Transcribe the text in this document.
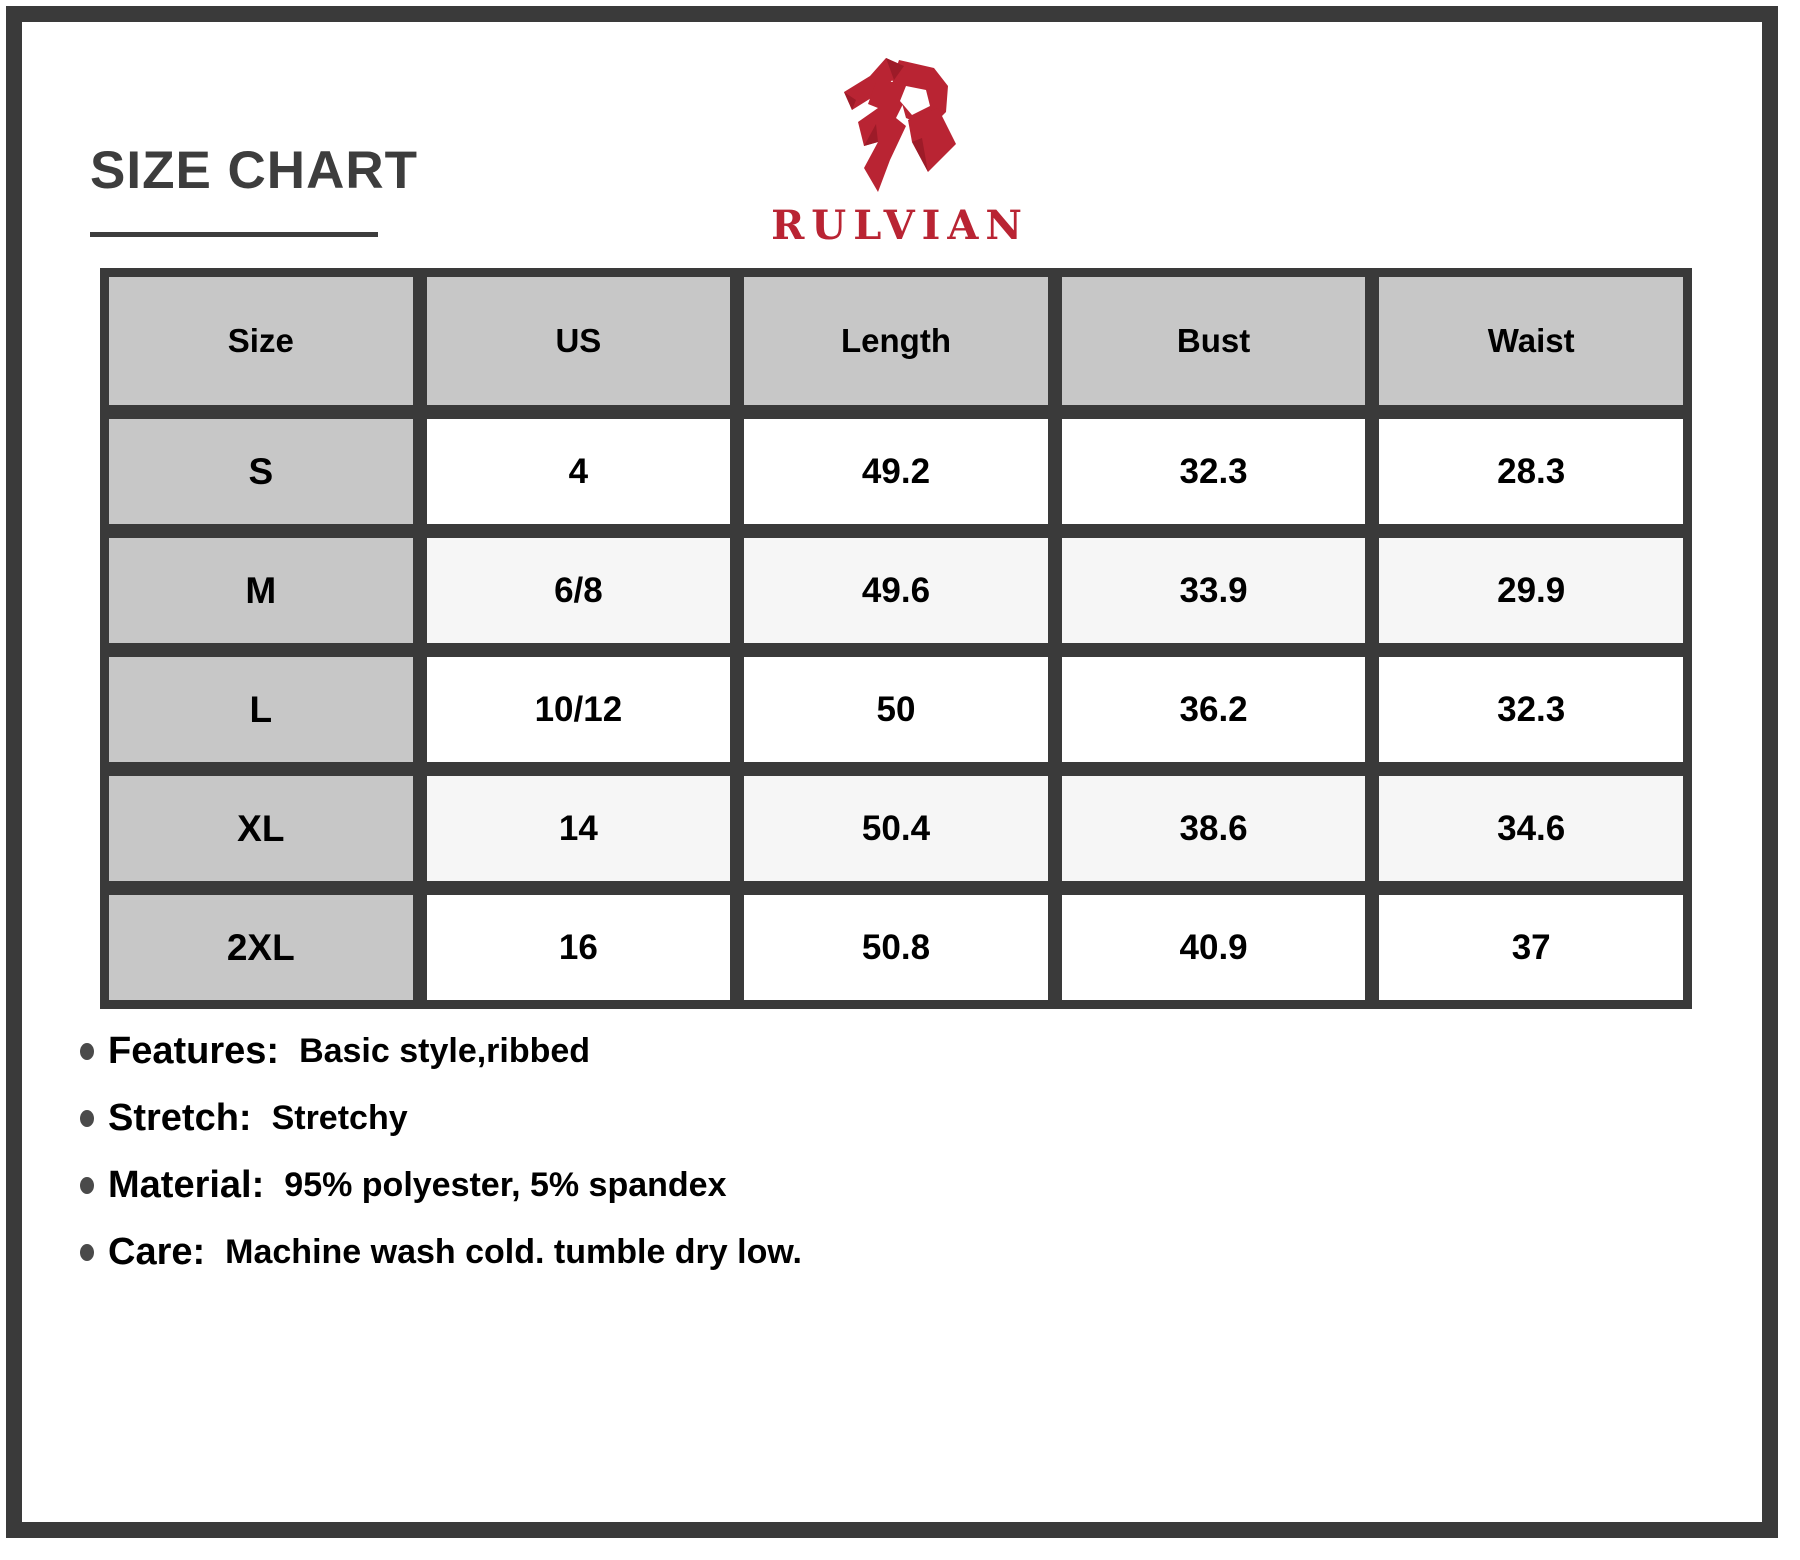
SIZE CHART
RULVIAN
Size	US	Length	Bust	Waist
S	4	49.2	32.3	28.3
M	6/8	49.6	33.9	29.9
L	10/12	50	36.2	32.3
XL	14	50.4	38.6	34.6
2XL	16	50.8	40.9	37
Features: Basic style,ribbed
Stretch: Stretchy
Material: 95% polyester, 5% spandex
Care: Machine wash cold. tumble dry low.
